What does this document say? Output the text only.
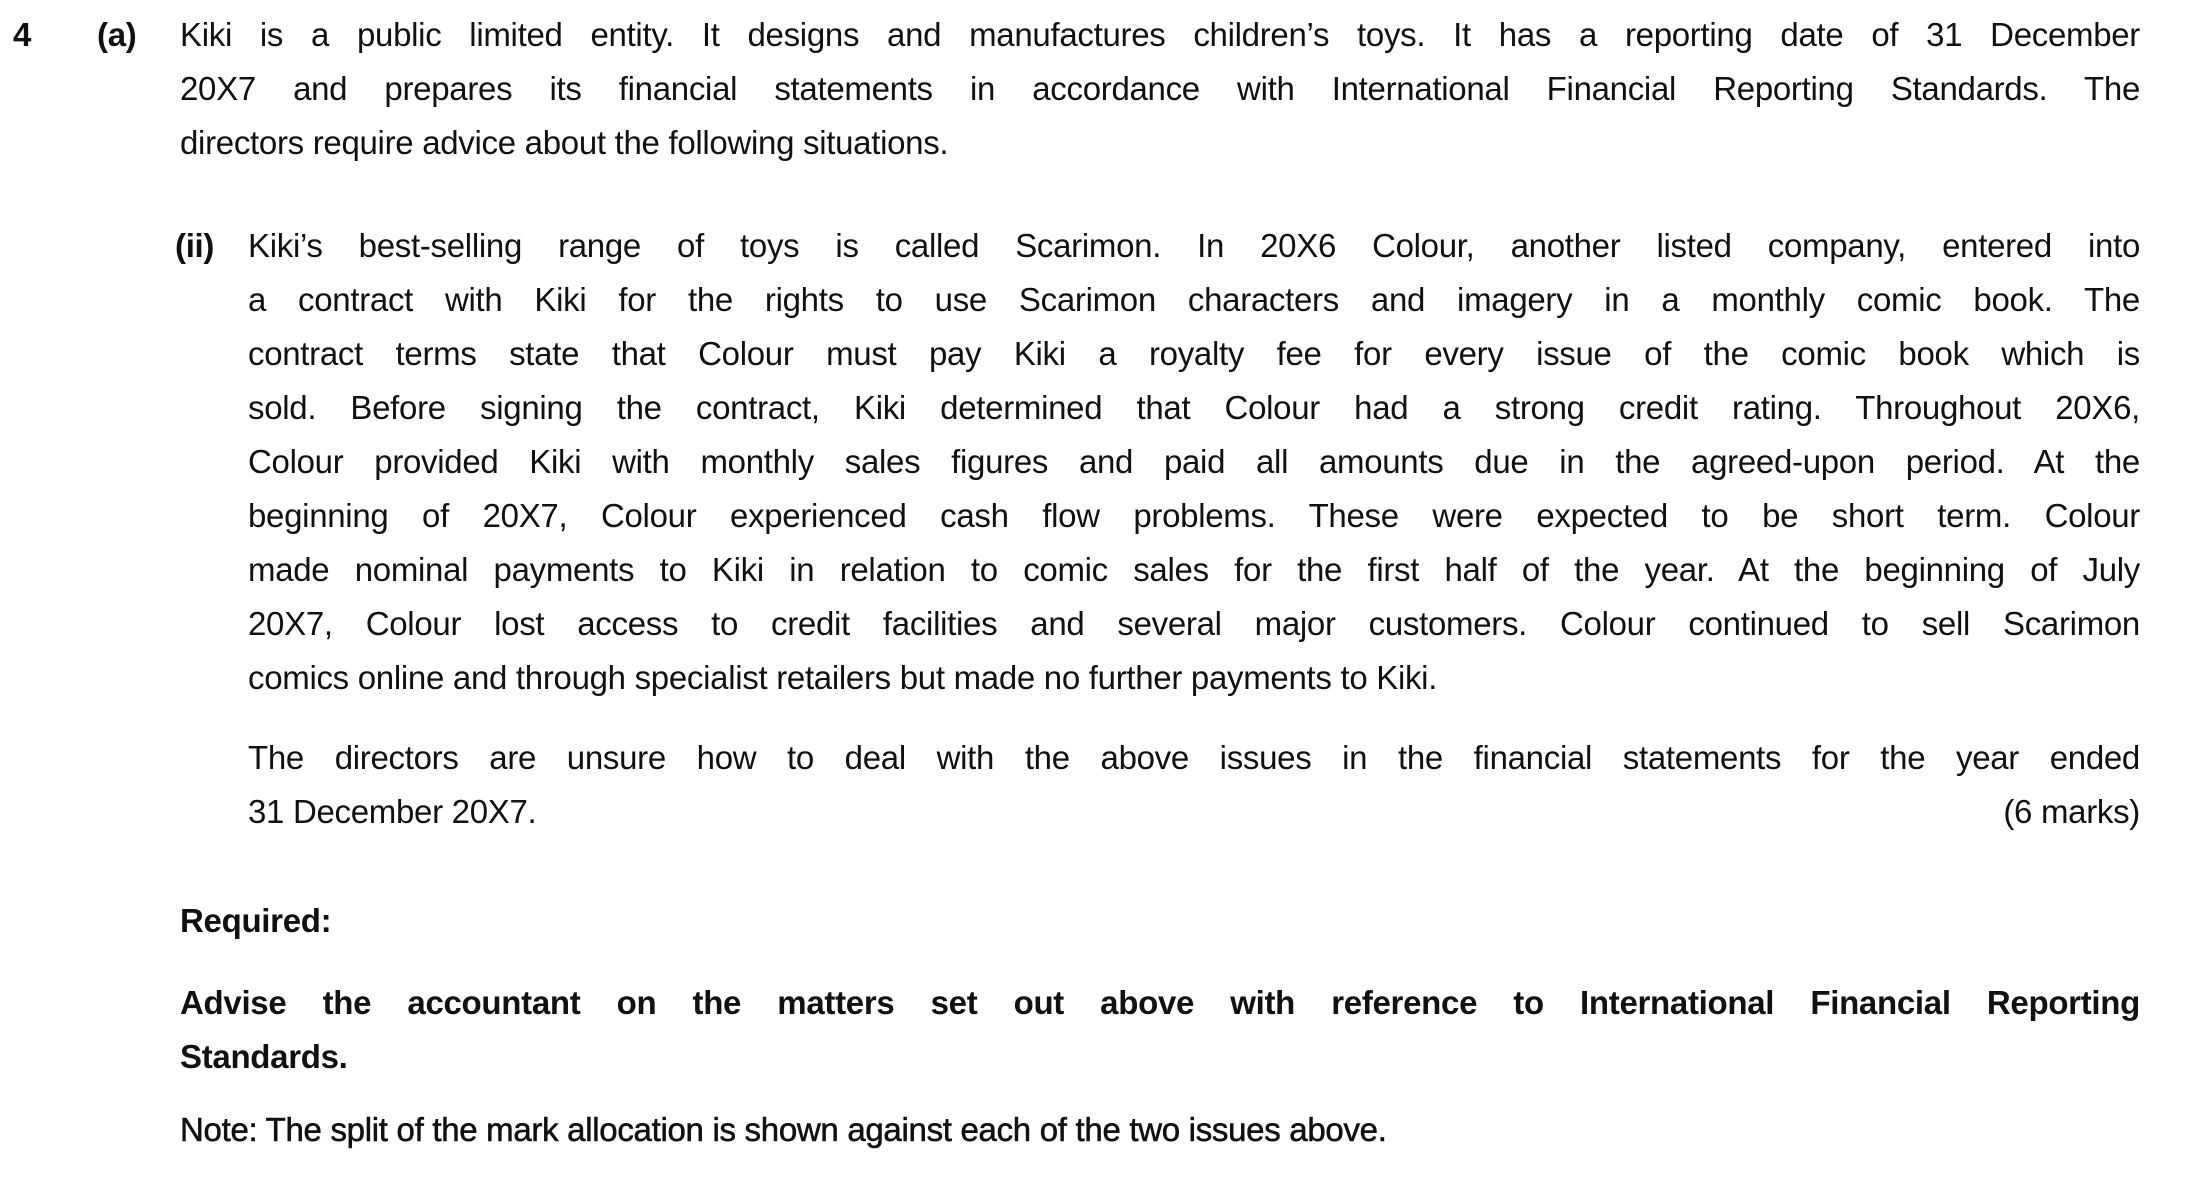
4 (a)
(ii)
Kiki is a public limited entity. It designs and manufactures children’s toys. It has a reporting date of 31 December
20X7 and prepares its financial statements in accordance with International Financial Reporting Standards. The
directors require advice about the following situations.
Kiki’s best-selling range of toys is called Scarimon. In 20X6 Colour, another listed company, entered into
a contract with Kiki for the rights to use Scarimon characters and imagery in a monthly comic book. The
contract terms state that Colour must pay Kiki a royalty fee for every issue of the comic book which is
sold. Before signing the contract, Kiki determined that Colour had a strong credit rating. Throughout 20X6,
Colour provided Kiki with monthly sales figures and paid all amounts due in the agreed-upon period. At the
beginning of 20X7, Colour experienced cash flow problems. These were expected to be short term. Colour
made nominal payments to Kiki in relation to comic sales for the first half of the year. At the beginning of July
20X7, Colour lost access to credit facilities and several major customers. Colour continued to sell Scarimon
comics online and through specialist retailers but made no further payments to Kiki.
The directors are unsure how to deal with the above issues in the financial statements for the year ended
31 December 20X7.	(6 marks)
Required:
Advise the accountant on the matters set out above with reference to International Financial Reporting
Standards.
Note: The split of the mark allocation is shown against each of the two issues above.
